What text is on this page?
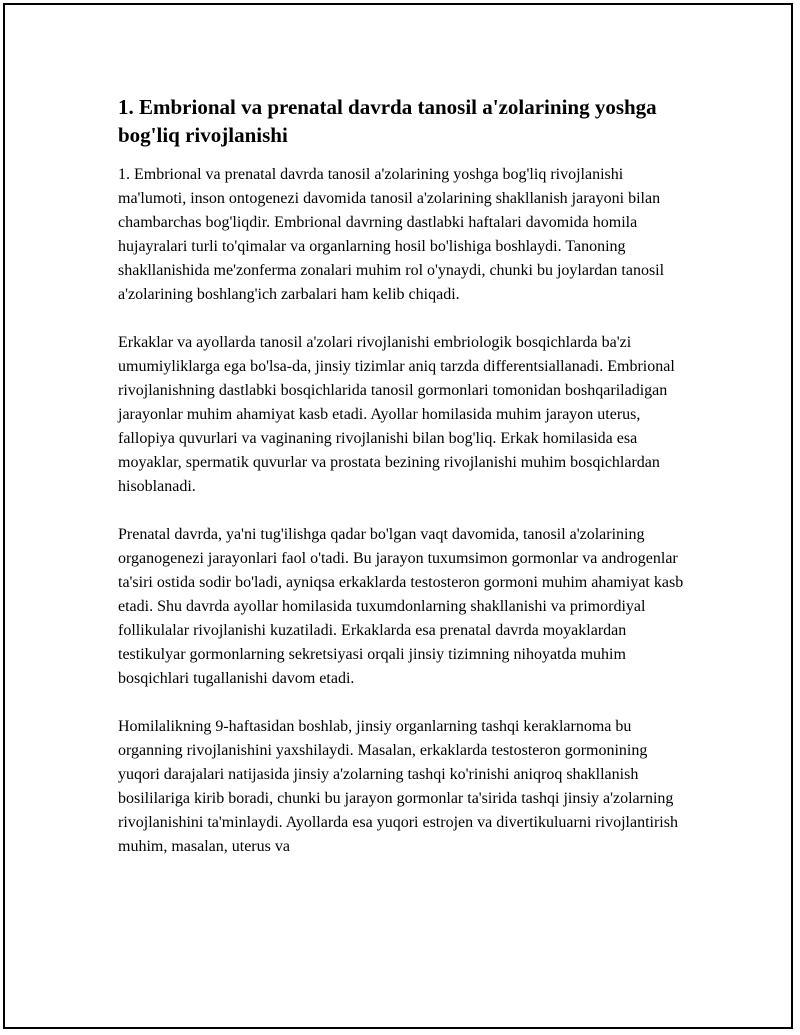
1. Embrional va prenatal davrda tanosil a'zolarining yoshga bog'liq rivojlanishi

1. Embrional va prenatal davrda tanosil a'zolarining yoshga bog'liq rivojlanishi ma'lumoti, inson ontogenezi davomida tanosil a'zolarining shakllanish jarayoni bilan chambarchas bog'liqdir. Embrional davrning dastlabki haftalari davomida homila hujayralari turli to'qimalar va organlarning hosil bo'lishiga boshlaydi. Tanoning shakllanishida me'zonferma zonalari muhim rol o'ynaydi, chunki bu joylardan tanosil a'zolarining boshlang'ich zarbalari ham kelib chiqadi.

Erkaklar va ayollarda tanosil a'zolari rivojlanishi embriologik bosqichlarda ba'zi umumiyliklarga ega bo'lsa-da, jinsiy tizimlar aniq tarzda differentsiallanadi. Embrional rivojlanishning dastlabki bosqichlarida tanosil gormonlari tomonidan boshqariladigan jarayonlar muhim ahamiyat kasb etadi. Ayollar homilasida muhim jarayon uterus, fallopiya quvurlari va vaginaning rivojlanishi bilan bog'liq. Erkak homilasida esa moyaklar, spermatik quvurlar va prostata bezining rivojlanishi muhim bosqichlardan hisoblanadi.

Prenatal davrda, ya'ni tug'ilishga qadar bo'lgan vaqt davomida, tanosil a'zolarining organogenezi jarayonlari faol o'tadi. Bu jarayon tuxumsimon gormonlar va androgenlar ta'siri ostida sodir bo'ladi, ayniqsa erkaklarda testosteron gormoni muhim ahamiyat kasb etadi. Shu davrda ayollar homilasida tuxumdonlarning shakllanishi va primordiyal follikulalar rivojlanishi kuzatiladi. Erkaklarda esa prenatal davrda moyaklardan testikulyar gormonlarning sekretsiyasi orqali jinsiy tizimning nihoyatda muhim bosqichlari tugallanishi davom etadi.

Homilalikning 9-haftasidan boshlab, jinsiy organlarning tashqi keraklarnoma bu organning rivojlanishini yaxshilaydi. Masalan, erkaklarda testosteron gormonining yuqori darajalari natijasida jinsiy a'zolarning tashqi ko'rinishi aniqroq shakllanish bosililariga kirib boradi, chunki bu jarayon gormonlar ta'sirida tashqi jinsiy a'zolarning rivojlanishini ta'minlaydi. Ayollarda esa yuqori estrojen va divertikuluarni rivojlantirish muhim, masalan, uterus va
